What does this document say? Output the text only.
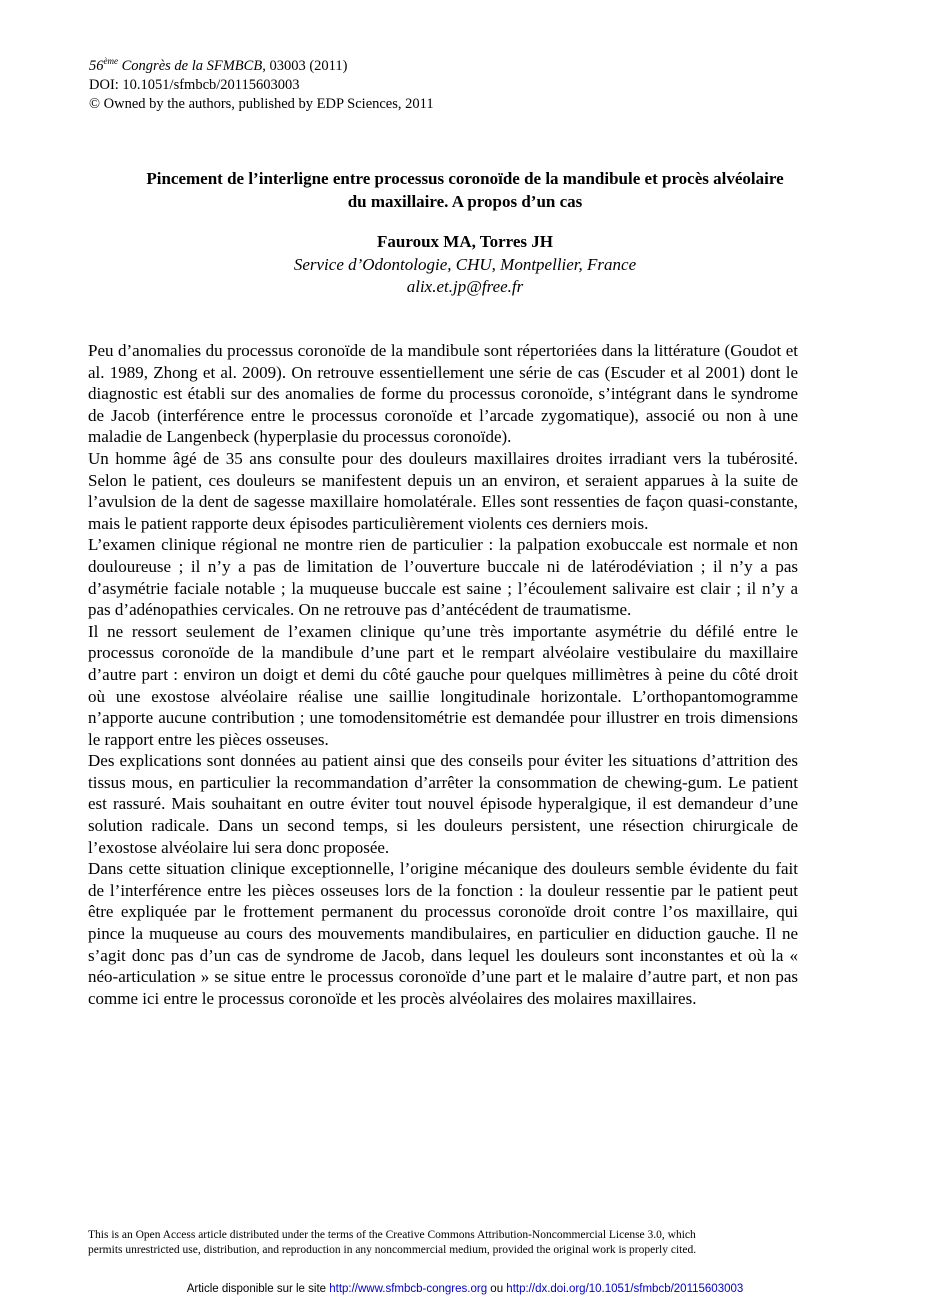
56ème Congrès de la SFMBCB, 03003 (2011)
DOI: 10.1051/sfmbcb/20115603003
© Owned by the authors, published by EDP Sciences, 2011
Pincement de l’interligne entre processus coronoïde de la mandibule et procès alvéolaire
du maxillaire. A propos d’un cas
Fauroux MA, Torres JH
Service d’Odontologie, CHU, Montpellier, France
alix.et.jp@free.fr

Peu d’anomalies du processus coronoïde de la mandibule sont répertoriées dans la littérature (Goudot et al. 1989, Zhong et al. 2009). On retrouve essentiellement une série de cas (Escuder et al 2001) dont le diagnostic est établi sur des anomalies de forme du processus coronoïde, s’intégrant dans le syndrome de Jacob (interférence entre le processus coronoïde et l’arcade zygomatique), associé ou non à une maladie de Langenbeck (hyperplasie du processus coronoïde).

Un homme âgé de 35 ans consulte pour des douleurs maxillaires droites irradiant vers la tubérosité. Selon le patient, ces douleurs se manifestent depuis un an environ, et seraient apparues à la suite de l’avulsion de la dent de sagesse maxillaire homolatérale. Elles sont ressenties de façon quasi-constante, mais le patient rapporte deux épisodes particulièrement violents ces derniers mois.

L’examen clinique régional ne montre rien de particulier : la palpation exobuccale est normale et non douloureuse ; il n’y a pas de limitation de l’ouverture buccale ni de latérodéviation ; il n’y a pas d’asymétrie faciale notable ; la muqueuse buccale est saine ; l’écoulement salivaire est clair ; il n’y a pas d’adénopathies cervicales. On ne retrouve pas d’antécédent de traumatisme.

Il ne ressort seulement de l’examen clinique qu’une très importante asymétrie du défilé entre le processus coronoïde de la mandibule d’une part et le rempart alvéolaire vestibulaire du maxillaire d’autre part : environ un doigt et demi du côté gauche pour quelques millimètres à peine du côté droit où une exostose alvéolaire réalise une saillie longitudinale horizontale. L’orthopantomogramme n’apporte aucune contribution ; une tomodensitométrie est demandée pour illustrer en trois dimensions le rapport entre les pièces osseuses.

Des explications sont données au patient ainsi que des conseils pour éviter les situations d’attrition des tissus mous, en particulier la recommandation d’arrêter la consommation de chewing-gum. Le patient est rassuré. Mais souhaitant en outre éviter tout nouvel épisode hyperalgique, il est demandeur d’une solution radicale. Dans un second temps, si les douleurs persistent, une résection chirurgicale de l’exostose alvéolaire lui sera donc proposée.

Dans cette situation clinique exceptionnelle, l’origine mécanique des douleurs semble évidente du fait de l’interférence entre les pièces osseuses lors de la fonction : la douleur ressentie par le patient peut être expliquée par le frottement permanent du processus coronoïde droit contre l’os maxillaire, qui pince la muqueuse au cours des mouvements mandibulaires, en particulier en diduction gauche. Il ne s’agit donc pas d’un cas de syndrome de Jacob, dans lequel les douleurs sont inconstantes et où la « néo-articulation » se situe entre le processus coronoïde d’une part et le malaire d’autre part, et non pas comme ici entre le processus coronoïde et les procès alvéolaires des molaires maxillaires.

This is an Open Access article distributed under the terms of the Creative Commons Attribution-Noncommercial License 3.0, which
permits unrestricted use, distribution, and reproduction in any noncommercial medium, provided the original work is properly cited.
Article disponible sur le site http://www.sfmbcb-congres.org ou http://dx.doi.org/10.1051/sfmbcb/20115603003
